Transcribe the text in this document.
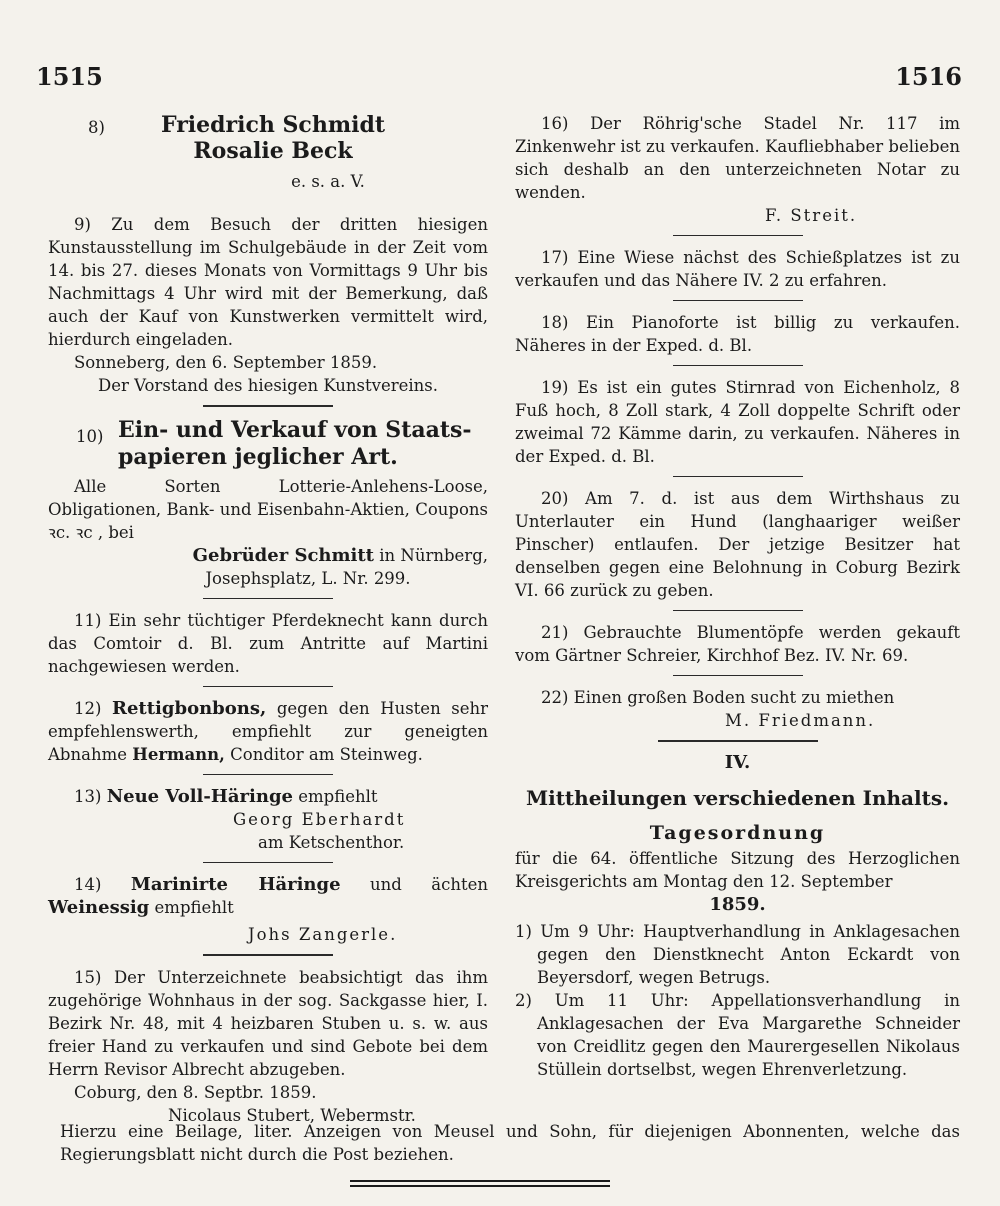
1515	1516
8)	Friedrich Schmidt
Rosalie Beck

e. s. a. V.

9) Zu dem Besuch der dritten hiesigen Kunstausstellung im Schulgebäude in der Zeit vom 14. bis 27. dieses Monats von Vormittags 9 Uhr bis Nachmittags 4 Uhr wird mit der Bemerkung, daß auch der Kauf von Kunstwerken vermittelt wird, hierdurch eingeladen.

Sonneberg, den 6. September 1859.

Der Vorstand des hiesigen Kunstvereins.

10) Ein- und Verkauf von Staats-
papieren jeglicher Art.

Alle Sorten Lotterie-Anlehens-Loose, Obligationen, Bank- und Eisenbahn-Aktien, Coupons ꝛc. ꝛc , bei

Gebrüder Schmitt in Nürnberg,

Josephsplatz, L. Nr. 299.

11) Ein sehr tüchtiger Pferdeknecht kann durch das Comtoir d. Bl. zum Antritte auf Martini nachgewiesen werden.

12) Rettigbonbons, gegen den Husten sehr empfehlenswerth, empfiehlt zur geneigten Abnahme Hermann, Conditor am Steinweg.

13) Neue Voll-Häringe empfiehlt

Georg Eberhardt

am Ketschenthor.

14) Marinirte Häringe und ächten Weinessig empfiehlt

Johs Zangerle.

15) Der Unterzeichnete beabsichtigt das ihm zugehörige Wohnhaus in der sog. Sackgasse hier, I. Bezirk Nr. 48, mit 4 heizbaren Stuben u. s. w. aus freier Hand zu verkaufen und sind Gebote bei dem Herrn Revisor Albrecht abzugeben.

Coburg, den 8. Septbr. 1859.

Nicolaus Stubert, Webermstr.

16) Der Röhrig'sche Stadel Nr. 117 im Zinkenwehr ist zu verkaufen. Kaufliebhaber belieben sich deshalb an den unterzeichneten Notar zu wenden.

F. Streit.

17) Eine Wiese nächst des Schießplatzes ist zu verkaufen und das Nähere IV. 2 zu erfahren.

18) Ein Pianoforte ist billig zu verkaufen. Näheres in der Exped. d. Bl.

19) Es ist ein gutes Stirnrad von Eichenholz, 8 Fuß hoch, 8 Zoll stark, 4 Zoll doppelte Schrift oder zweimal 72 Kämme darin, zu verkaufen. Näheres in der Exped. d. Bl.

20) Am 7. d. ist aus dem Wirthshaus zu Unterlauter ein Hund (langhaariger weißer Pinscher) entlaufen. Der jetzige Besitzer hat denselben gegen eine Belohnung in Coburg Bezirk VI. 66 zurück zu geben.

21) Gebrauchte Blumentöpfe werden gekauft vom Gärtner Schreier, Kirchhof Bez. IV. Nr. 69.

22) Einen großen Boden sucht zu miethen

M. Friedmann.

IV.

Mittheilungen verschiedenen Inhalts.

Tagesordnung

für die 64. öffentliche Sitzung des Herzoglichen Kreisgerichts am Montag den 12. September

1859.

1) Um 9 Uhr: Hauptverhandlung in Anklagesachen gegen den Dienstknecht Anton Eckardt von Beyersdorf, wegen Betrugs.

2) Um 11 Uhr: Appellationsverhandlung in Anklagesachen der Eva Margarethe Schneider von Creidlitz gegen den Maurergesellen Nikolaus Stüllein dortselbst, wegen Ehrenverletzung.

Hierzu eine Beilage, liter. Anzeigen von Meusel und Sohn, für diejenigen Abonnenten, welche das Regierungsblatt nicht durch die Post beziehen.
